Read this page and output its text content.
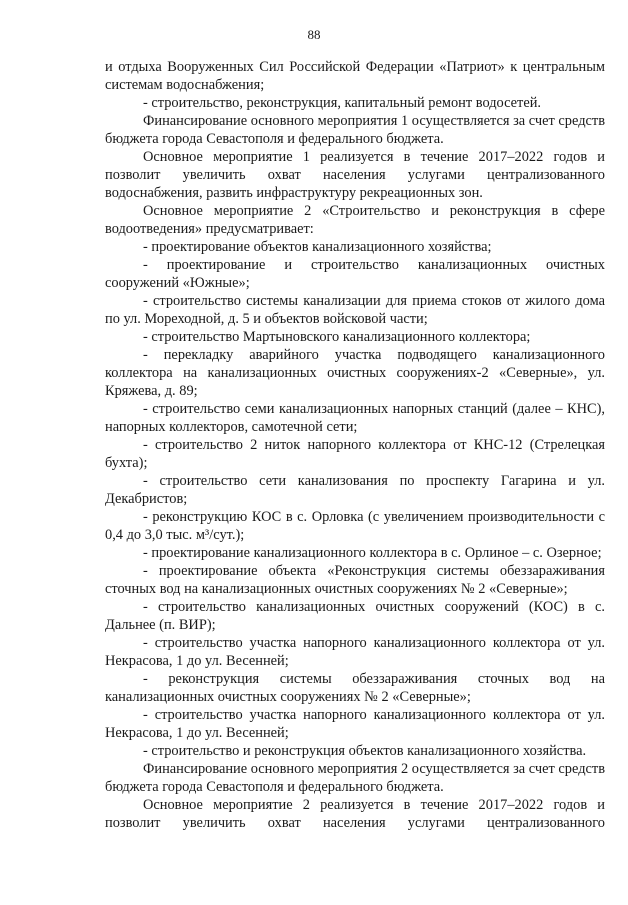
88

и отдыха Вооруженных Сил Российской Федерации «Патриот» к центральным системам водоснабжения;

- строительство, реконструкция, капитальный ремонт водосетей.

Финансирование основного мероприятия 1 осуществляется за счет средств бюджета города Севастополя и федерального бюджета.

Основное мероприятие 1 реализуется в течение 2017–2022 годов и позволит увеличить охват населения услугами централизованного водоснабжения, развить инфраструктуру рекреационных зон.

Основное мероприятие 2 «Строительство и реконструкция в сфере водоотведения» предусматривает:

- проектирование объектов канализационного хозяйства;

- проектирование и строительство канализационных очистных сооружений «Южные»;

- строительство системы канализации для приема стоков от жилого дома по ул. Мореходной, д. 5 и объектов войсковой части;

- строительство Мартыновского канализационного коллектора;

- перекладку аварийного участка подводящего канализационного коллектора на канализационных очистных сооружениях-2 «Северные», ул. Кряжева, д. 89;

- строительство семи канализационных напорных станций (далее – КНС), напорных коллекторов, самотечной сети;

- строительство 2 ниток напорного коллектора от КНС-12 (Стрелецкая бухта);

- строительство сети канализования по проспекту Гагарина и ул. Декабристов;

- реконструкцию КОС в с. Орловка (с увеличением производительности с 0,4 до 3,0 тыс. м³/сут.);

- проектирование канализационного коллектора в с. Орлиное – с. Озерное;

- проектирование объекта «Реконструкция системы обеззараживания сточных вод на канализационных очистных сооружениях № 2 «Северные»;

- строительство канализационных очистных сооружений (КОС) в с. Дальнее (п. ВИР);

- строительство участка напорного канализационного коллектора от ул. Некрасова, 1 до ул. Весенней;

- реконструкция системы обеззараживания сточных вод на канализационных очистных сооружениях № 2 «Северные»;

- строительство участка напорного канализационного коллектора от ул. Некрасова, 1 до ул. Весенней;

- строительство и реконструкция объектов канализационного хозяйства.

Финансирование основного мероприятия 2 осуществляется за счет средств бюджета города Севастополя и федерального бюджета.

Основное мероприятие 2 реализуется в течение 2017–2022 годов и позволит увеличить охват населения услугами централизованного
